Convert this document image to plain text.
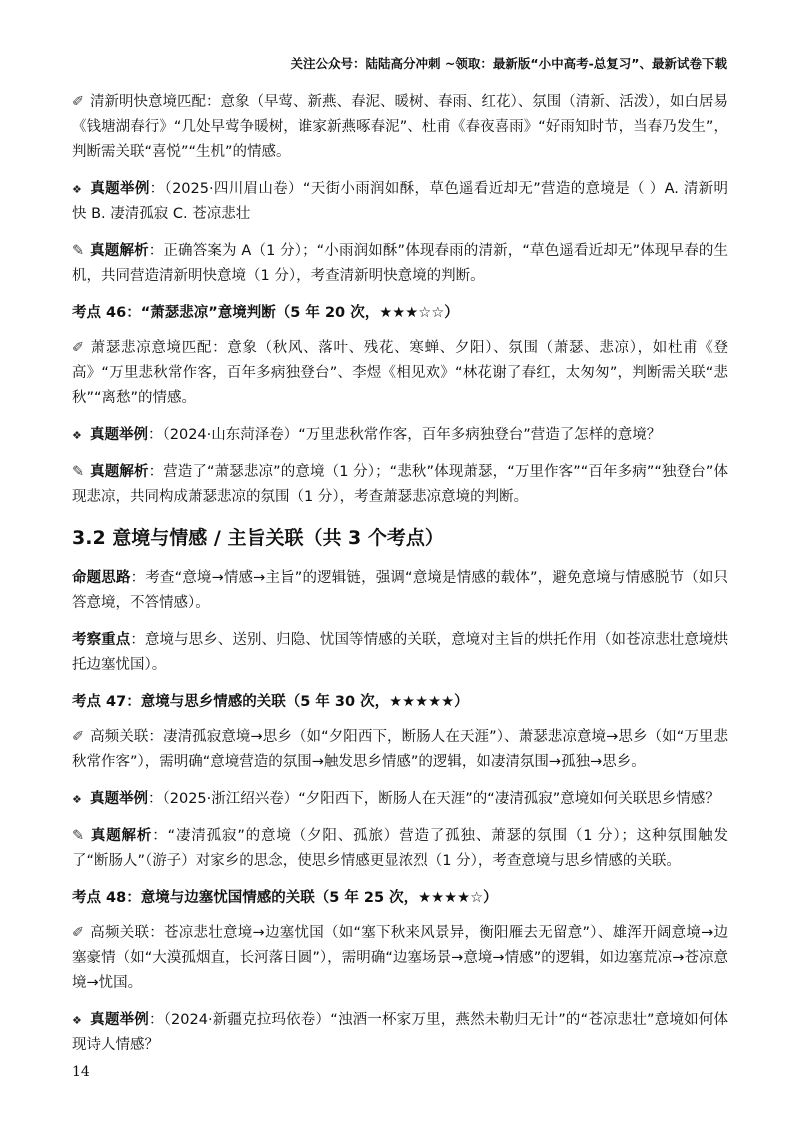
关注公众号：陆陆高分冲刺 ~领取：最新版“小中高考-总复习”、最新试卷下载

✐ 清新明快意境匹配：意象（早莺、新燕、春泥、暖树、春雨、红花）、氛围（清新、活泼），如白居易《钱塘湖春行》“几处早莺争暖树，谁家新燕啄春泥”、杜甫《春夜喜雨》“好雨知时节，当春乃发生”，判断需关联“喜悦”“生机”的情感。

❖ 真题举例：（2025·四川眉山卷）“天街小雨润如酥，草色遥看近却无”营造的意境是（ ）A. 清新明快 B. 凄清孤寂 C. 苍凉悲壮

✎ 真题解析：正确答案为 A（1 分）；“小雨润如酥”体现春雨的清新，“草色遥看近却无”体现早春的生机，共同营造清新明快意境（1 分），考查清新明快意境的判断。

考点 46：“萧瑟悲凉”意境判断（5 年 20 次，★★★☆☆）

✐ 萧瑟悲凉意境匹配：意象（秋风、落叶、残花、寒蝉、夕阳）、氛围（萧瑟、悲凉），如杜甫《登高》“万里悲秋常作客，百年多病独登台”、李煜《相见欢》“林花谢了春红，太匆匆”，判断需关联“悲秋”“离愁”的情感。

❖ 真题举例：（2024·山东菏泽卷）“万里悲秋常作客，百年多病独登台”营造了怎样的意境？

✎ 真题解析：营造了“萧瑟悲凉”的意境（1 分）；“悲秋”体现萧瑟，“万里作客”“百年多病”“独登台”体现悲凉，共同构成萧瑟悲凉的氛围（1 分），考查萧瑟悲凉意境的判断。

3.2 意境与情感 / 主旨关联（共 3 个考点）

命题思路：考查“意境→情感→主旨”的逻辑链，强调“意境是情感的载体”，避免意境与情感脱节（如只答意境，不答情感）。

考察重点：意境与思乡、送别、归隐、忧国等情感的关联，意境对主旨的烘托作用（如苍凉悲壮意境烘托边塞忧国）。

考点 47：意境与思乡情感的关联（5 年 30 次，★★★★★）

✐ 高频关联：凄清孤寂意境→思乡（如“夕阳西下，断肠人在天涯”）、萧瑟悲凉意境→思乡（如“万里悲秋常作客”），需明确“意境营造的氛围→触发思乡情感”的逻辑，如凄清氛围→孤独→思乡。

❖ 真题举例：（2025·浙江绍兴卷）“夕阳西下，断肠人在天涯”的“凄清孤寂”意境如何关联思乡情感？

✎ 真题解析：“凄清孤寂”的意境（夕阳、孤旅）营造了孤独、萧瑟的氛围（1 分）；这种氛围触发了“断肠人”（游子）对家乡的思念，使思乡情感更显浓烈（1 分），考查意境与思乡情感的关联。

考点 48：意境与边塞忧国情感的关联（5 年 25 次，★★★★☆）

✐ 高频关联：苍凉悲壮意境→边塞忧国（如“塞下秋来风景异，衡阳雁去无留意”）、雄浑开阔意境→边塞豪情（如“大漠孤烟直，长河落日圆”），需明确“边塞场景→意境→情感”的逻辑，如边塞荒凉→苍凉意境→忧国。

❖ 真题举例：（2024·新疆克拉玛依卷）“浊酒一杯家万里，燕然未勒归无计”的“苍凉悲壮”意境如何体现诗人情感？

14
